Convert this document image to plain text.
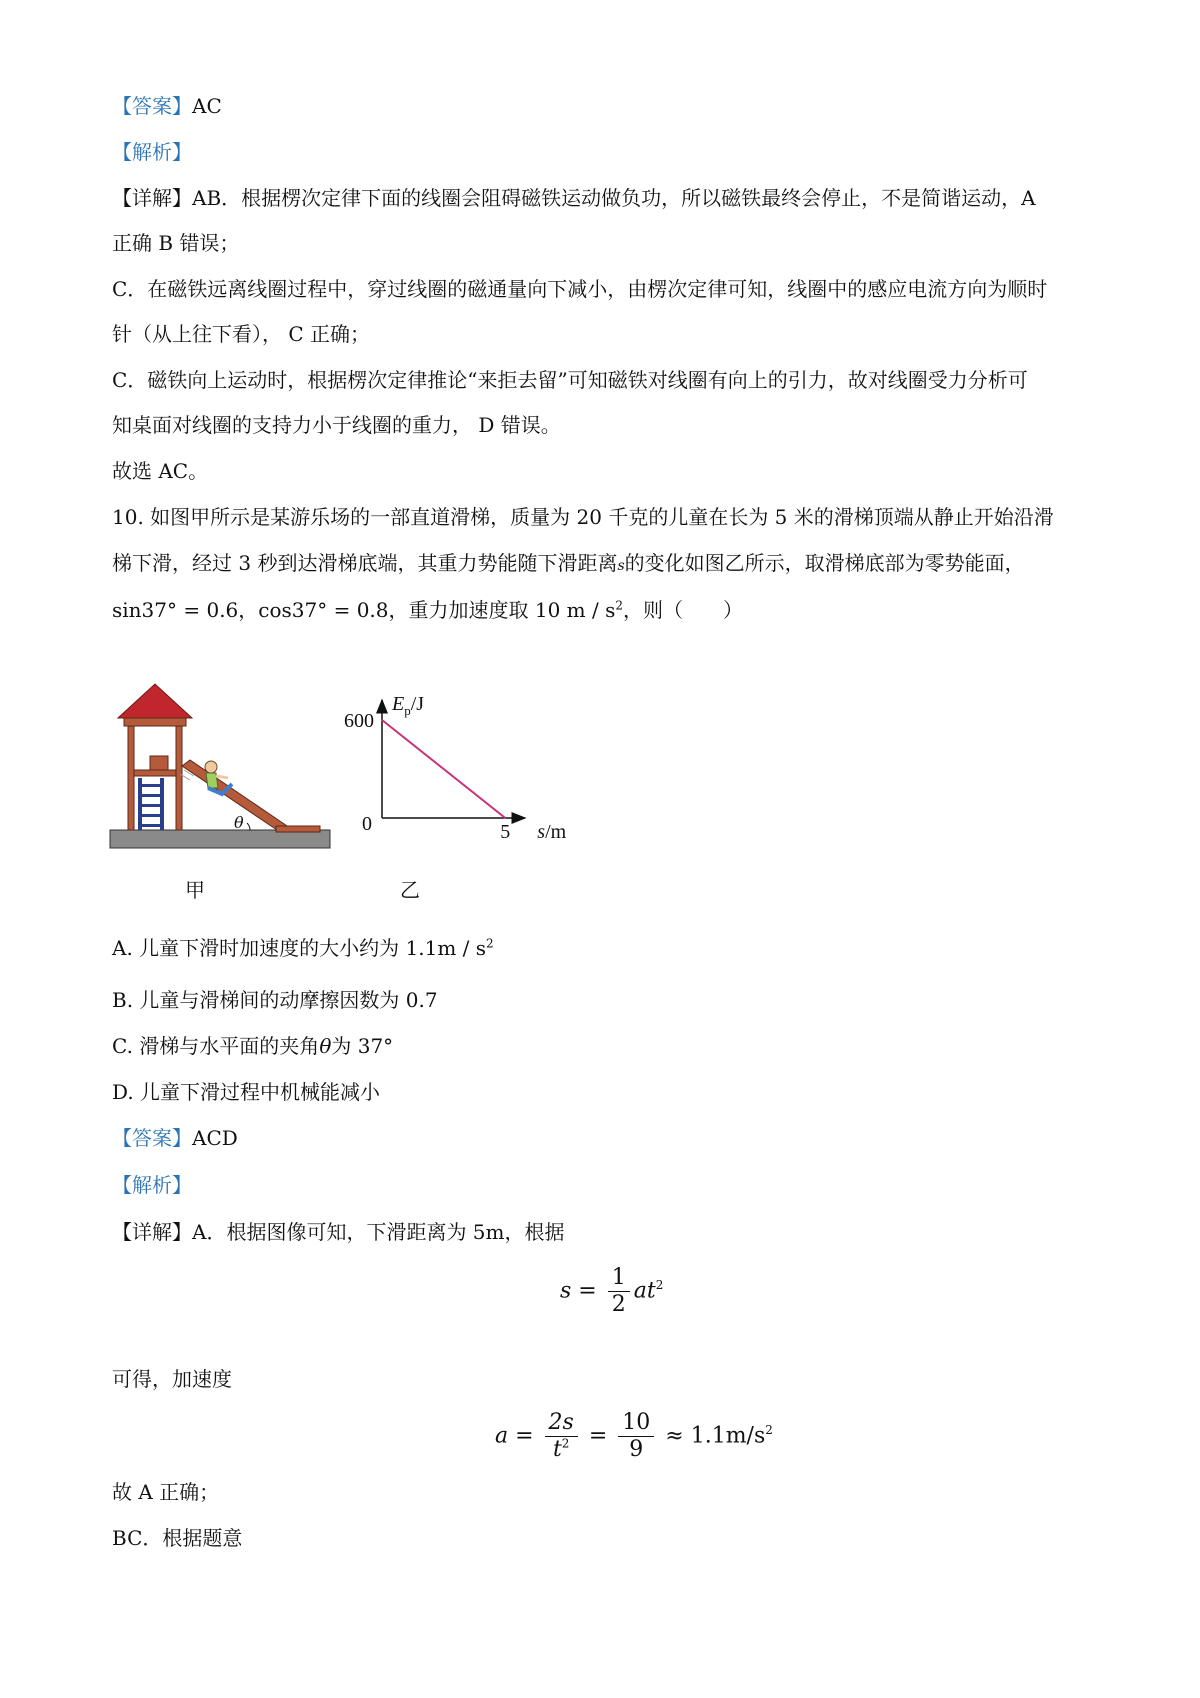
【答案】AC
【解析】
【详解】AB．根据楞次定律下面的线圈会阻碍磁铁运动做负功，所以磁铁最终会停止，不是简谐运动，A
正确 B 错误；
C．在磁铁远离线圈过程中，穿过线圈的磁通量向下减小，由楞次定律可知，线圈中的感应电流方向为顺时
针（从上往下看）， C 正确；
C．磁铁向上运动时，根据楞次定律推论“来拒去留”可知磁铁对线圈有向上的引力，故对线圈受力分析可
知桌面对线圈的支持力小于线圈的重力， D 错误。
故选 AC。
10. 如图甲所示是某游乐场的一部直道滑梯，质量为 20 千克的儿童在长为 5 米的滑梯顶端从静止开始沿滑
梯下滑，经过 3 秒到达滑梯底端，其重力势能随下滑距离s的变化如图乙所示，取滑梯底部为零势能面，
sin37° = 0.6，cos37° = 0.8，重力加速度取 10 m / $s^2$，则（　　）
θ
甲
600
0	5
$E_p/J$
s/m
乙
A. 儿童下滑时加速度的大小约为 $1.1m / s^2$
B. 儿童与滑梯间的动摩擦因数为 0.7
C. 滑梯与水平面的夹角θ为 37°
D. 儿童下滑过程中机械能减小
【答案】ACD
【解析】
【详解】A．根据图像可知，下滑距离为 5m，根据
$s = \frac{1}{2} at^2$
可得，加速度
$a = \frac{2s}{t^2} = \frac{10}{9} \approx 1.1m/s^2$
故 A 正确；
BC．根据题意
